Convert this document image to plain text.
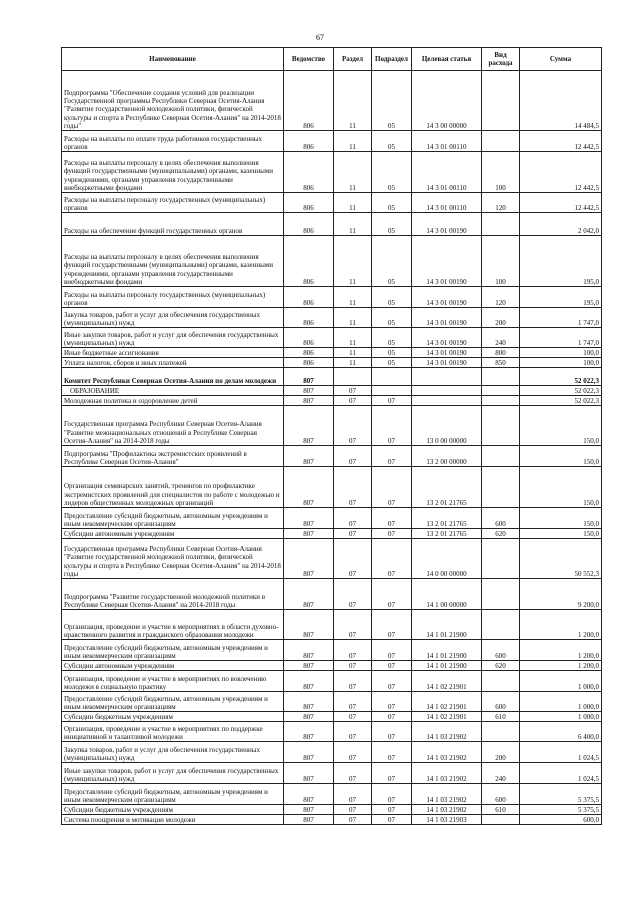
67
Наименование	Ведомство	Раздел	Подраздел	Целевая статья	Вид расхода	Сумма
Подпрограмма "Обеспечение создания условий для реализации Государственной программы Республики Северная Осетия-Алания "Развитие государственной молодежной политики, физической культуры и спорта в Республике Северная Осетия-Алания" на 2014-2018 годы"	806	11	05	14 3 00 00000		14 484,5
Расходы на выплаты по оплате труда работников государственных органов	806	11	05	14 3 01 00110		12 442,5
Расходы на выплаты персоналу в целях обеспечения выполнения функций государственными (муниципальными) органами, казенными учреждениями, органами управления государственными внебюджетными фондами	806	11	05	14 3 01 00110	100	12 442,5
Расходы на выплаты персоналу государственных (муниципальных) органов	806	11	05	14 3 01 00110	120	12 442,5
Расходы на обеспечение функций государственных органов	806	11	05	14 3 01 00190		2 042,0
Расходы на выплаты персоналу в целях обеспечения выполнения функций государственными (муниципальными) органами, казенными учреждениями, органами управления государственными внебюджетными фондами	806	11	05	14 3 01 00190	100	195,0
Расходы на выплаты персоналу государственных (муниципальных) органов	806	11	05	14 3 01 00190	120	195,0
Закупка товаров, работ и услуг для обеспечения государственных (муниципальных) нужд	806	11	05	14 3 01 00190	200	1 747,0
Иные закупки товаров, работ и услуг для обеспечения государственных (муниципальных) нужд	806	11	05	14 3 01 00190	240	1 747,0
Иные бюджетные ассигнования	806	11	05	14 3 01 00190	800	100,0
Уплата налогов, сборов и иных платежей	806	11	05	14 3 01 00190	850	100,0
Комитет Республики Северная Осетия-Алания по делам молодежи	807					52 022,3
ОБРАЗОВАНИЕ	807	07				52 022,3
Молодежная политика и оздоровление детей	807	07	07			52 022,3
Государственная программа Республики Северная Осетия-Алания "Развитие межнациональных отношений в Республике Северная Осетия-Алания" на 2014-2018 годы	807	07	07	13 0 00 00000		150,0
Подпрограмма "Профилактика экстремистских проявлений в Республике Северная Осетия-Алания"	807	07	07	13 2 00 00000		150,0
Организация семинарских занятий, тренингов по профилактике экстремистских проявлений для специалистов по работе с молодежью и лидеров общественных молодежных организаций	807	07	07	13 2 01 21765		150,0
Предоставление субсидий бюджетным, автономным учреждениям и иным некоммерческим организациям	807	07	07	13 2 01 21765	600	150,0
Субсидии автономным учреждениям	807	07	07	13 2 01 21765	620	150,0
Государственная программа Республики Северная Осетия-Алания "Развитие государственной молодежной политики, физической культуры и спорта в Республике Северная Осетия-Алания" на 2014-2018 годы	807	07	07	14 0 00 00000		50 552,3
Подпрограмма "Развитие государственной молодежной политики в Республике Северная Осетия-Алания" на 2014-2018 годы	807	07	07	14 1 00 00000		9 200,0
Организация, проведение и участие в мероприятиях в области духовно-нравственного развития и гражданского образования молодежи	807	07	07	14 1 01 21900		1 200,0
Предоставление субсидий бюджетным, автономным учреждениям и иным некоммерческим организациям	807	07	07	14 1 01 21900	600	1 200,0
Субсидии автономным учреждениям	807	07	07	14 1 01 21900	620	1 200,0
Организация, проведение и участие в мероприятиях по вовлечению молодежи в социальную практику	807	07	07	14 1 02 21901		1 000,0
Предоставление субсидий бюджетным, автономным учреждениям и иным некоммерческим организациям	807	07	07	14 1 02 21901	600	1 000,0
Субсидии бюджетным учреждениям	807	07	07	14 1 02 21901	610	1 000,0
Организация, проведение и участие в мероприятиях по поддержке инициативной и талантливой молодежи	807	07	07	14 1 03 21902		6 400,0
Закупка товаров, работ и услуг для обеспечения государственных (муниципальных) нужд	807	07	07	14 1 03 21902	200	1 024,5
Иные закупки товаров, работ и услуг для обеспечения государственных (муниципальных) нужд	807	07	07	14 1 03 21902	240	1 024,5
Предоставление субсидий бюджетным, автономным учреждениям и иным некоммерческим организациям	807	07	07	14 1 03 21902	600	5 375,5
Субсидии бюджетным учреждениям	807	07	07	14 1 03 21902	610	5 375,5
Система поощрения и мотивации молодежи	807	07	07	14 1 03 21903		600,0
